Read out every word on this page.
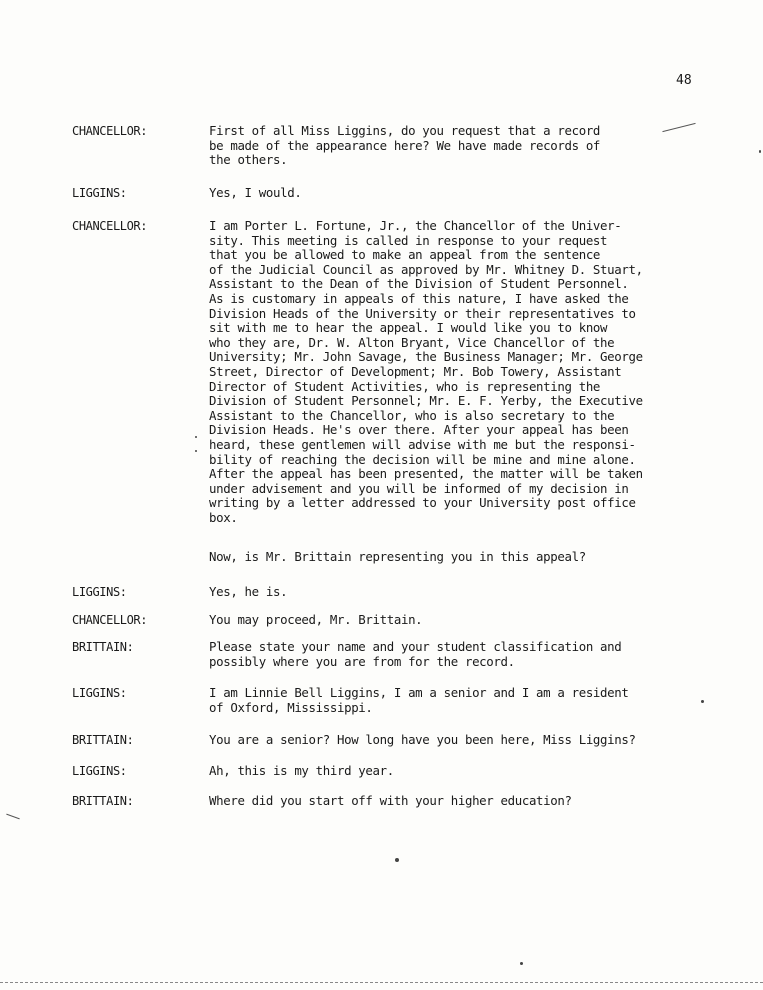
48
CHANCELLOR:	First of all Miss Liggins, do you request that a record
be made of the appearance here? We have made records of
the others.
LIGGINS:	Yes, I would.
CHANCELLOR:	I am Porter L. Fortune, Jr., the Chancellor of the Univer-
sity. This meeting is called in response to your request
that you be allowed to make an appeal from the sentence
of the Judicial Council as approved by Mr. Whitney D. Stuart,
Assistant to the Dean of the Division of Student Personnel.
As is customary in appeals of this nature, I have asked the
Division Heads of the University or their representatives to
sit with me to hear the appeal. I would like you to know
who they are, Dr. W. Alton Bryant, Vice Chancellor of the
University; Mr. John Savage, the Business Manager; Mr. George
Street, Director of Development; Mr. Bob Towery, Assistant
Director of Student Activities, who is representing the
Division of Student Personnel; Mr. E. F. Yerby, the Executive
Assistant to the Chancellor, who is also secretary to the
Division Heads. He's over there. After your appeal has been
heard, these gentlemen will advise with me but the responsi-
bility of reaching the decision will be mine and mine alone.
After the appeal has been presented, the matter will be taken
under advisement and you will be informed of my decision in
writing by a letter addressed to your University post office
box.
Now, is Mr. Brittain representing you in this appeal?
LIGGINS:	Yes, he is.
CHANCELLOR:	You may proceed, Mr. Brittain.
BRITTAIN:	Please state your name and your student classification and
possibly where you are from for the record.
LIGGINS:	I am Linnie Bell Liggins, I am a senior and I am a resident
of Oxford, Mississippi.
BRITTAIN:	You are a senior? How long have you been here, Miss Liggins?
LIGGINS:	Ah, this is my third year.
BRITTAIN:	Where did you start off with your higher education?
